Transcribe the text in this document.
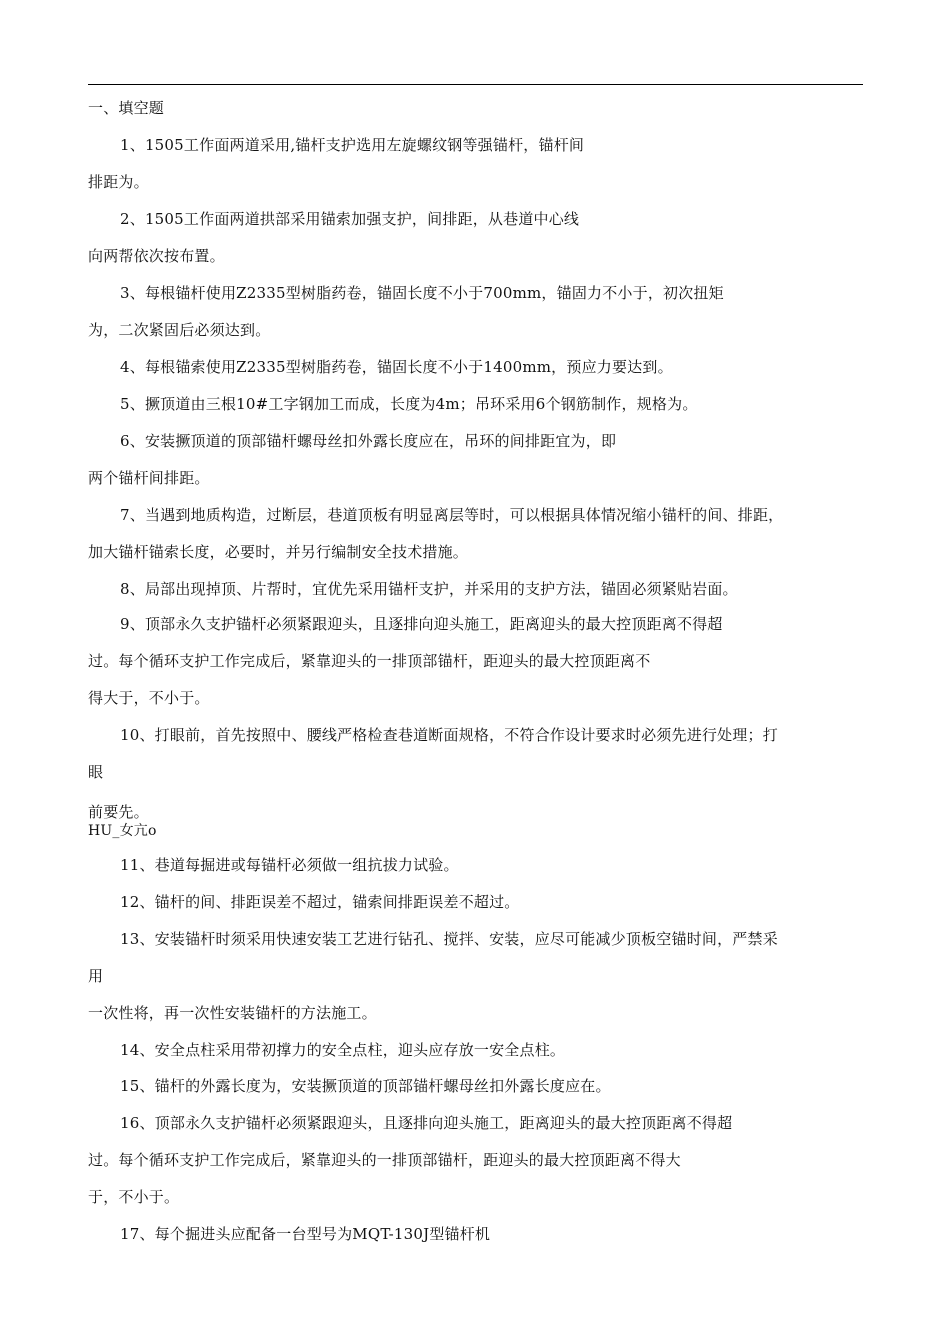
一、填空题
1、1505工作面两道采用,锚杆支护选用左旋螺纹钢等强锚杆，锚杆间
排距为。
2、1505工作面两道拱部采用锚索加强支护，间排距，从巷道中心线
向两帮依次按布置。
3、每根锚杆使用Z2335型树脂药卷，锚固长度不小于700mm，锚固力不小于，初次扭矩
为，二次紧固后必须达到。
4、每根锚索使用Z2335型树脂药卷，锚固长度不小于1400mm，预应力要达到。
5、撅顶道由三根10#工字钢加工而成，长度为4m；吊环采用6个钢筋制作，规格为。
6、安装撅顶道的顶部锚杆螺母丝扣外露长度应在，吊环的间排距宜为，即
两个锚杆间排距。
7、当遇到地质构造，过断层，巷道顶板有明显离层等时，可以根据具体情况缩小锚杆的间、排距，
加大锚杆锚索长度，必要时，并另行编制安全技术措施。
8、局部出现掉顶、片帮时，宜优先采用锚杆支护，并采用的支护方法，锚固必须紧贴岩面。
9、顶部永久支护锚杆必须紧跟迎头，且逐排向迎头施工，距离迎头的最大控顶距离不得超
过。每个循环支护工作完成后，紧靠迎头的一排顶部锚杆，距迎头的最大控顶距离不
得大于，不小于。
10、打眼前，首先按照中、腰线严格检查巷道断面规格，不符合作设计要求时必须先进行处理；打
眼
前要先。
HU_女亢o
11、巷道每掘进或每锚杆必须做一组抗拔力试验。
12、锚杆的间、排距误差不超过，锚索间排距误差不超过。
13、安装锚杆时须采用快速安装工艺进行钻孔、搅拌、安装，应尽可能减少顶板空锚时间，严禁采
用
一次性将，再一次性安装锚杆的方法施工。
14、安全点柱采用带初撑力的安全点柱，迎头应存放一安全点柱。
15、锚杆的外露长度为，安装撅顶道的顶部锚杆螺母丝扣外露长度应在。
16、顶部永久支护锚杆必须紧跟迎头，且逐排向迎头施工，距离迎头的最大控顶距离不得超
过。每个循环支护工作完成后，紧靠迎头的一排顶部锚杆，距迎头的最大控顶距离不得大
于，不小于。
17、每个掘进头应配备一台型号为MQT-130J型锚杆机
